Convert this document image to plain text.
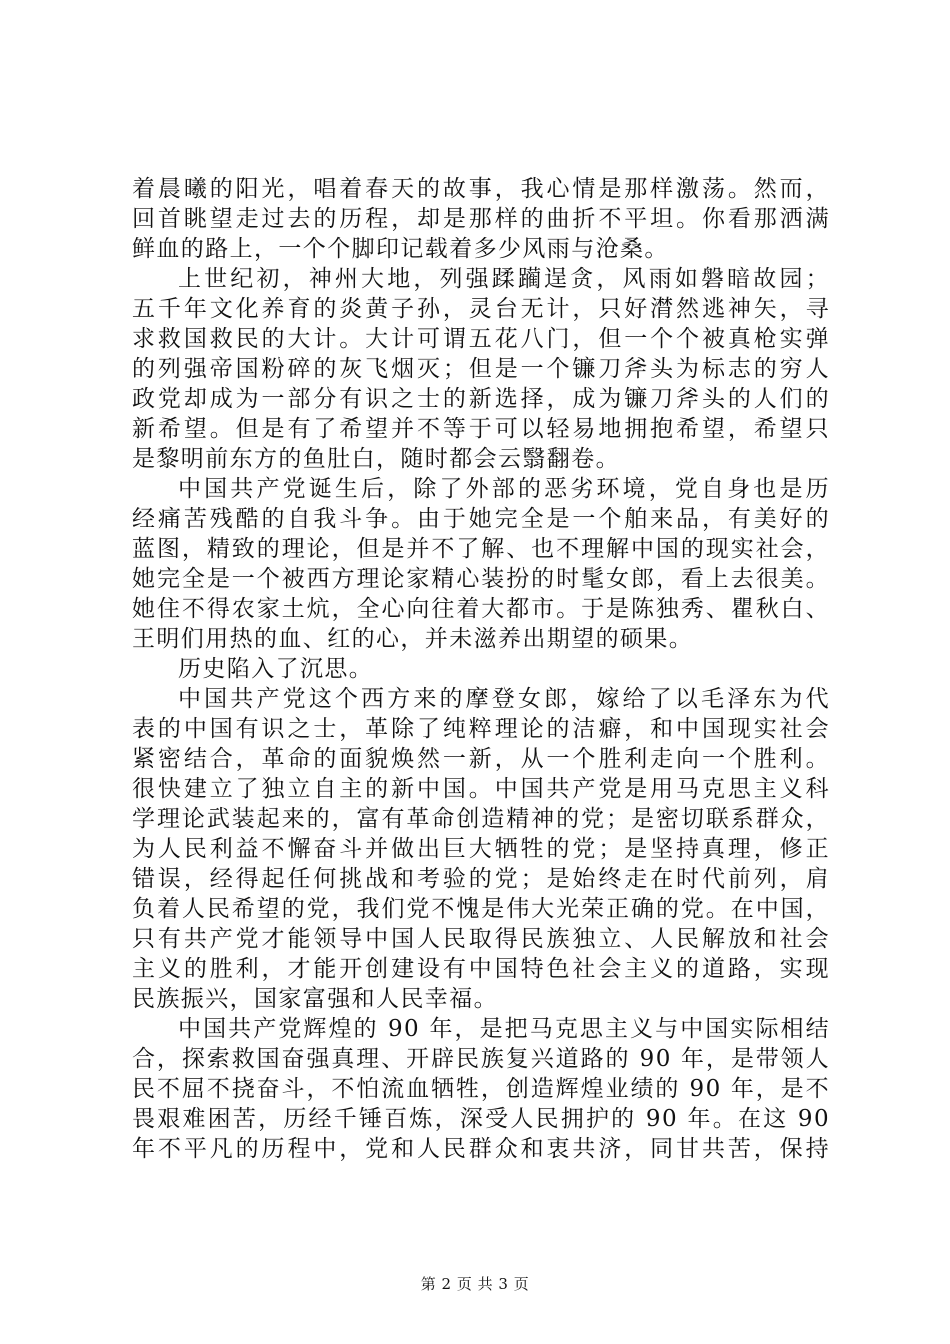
着晨曦的阳光，唱着春天的故事，我心情是那样激荡。然而，
回首眺望走过去的历程，却是那样的曲折不平坦。你看那洒满
鲜血的路上，一个个脚印记载着多少风雨与沧桑。
上世纪初，神州大地，列强蹂躏逞贪，风雨如磐暗故园；
五千年文化养育的炎黄子孙，灵台无计，只好潸然逃神矢，寻
求救国救民的大计。大计可谓五花八门，但一个个被真枪实弹
的列强帝国粉碎的灰飞烟灭；但是一个镰刀斧头为标志的穷人
政党却成为一部分有识之士的新选择，成为镰刀斧头的人们的
新希望。但是有了希望并不等于可以轻易地拥抱希望，希望只
是黎明前东方的鱼肚白，随时都会云翳翻卷。
中国共产党诞生后，除了外部的恶劣环境，党自身也是历
经痛苦残酷的自我斗争。由于她完全是一个舶来品，有美好的
蓝图，精致的理论，但是并不了解、也不理解中国的现实社会，
她完全是一个被西方理论家精心装扮的时髦女郎，看上去很美。
她住不得农家土炕，全心向往着大都市。于是陈独秀、瞿秋白、
王明们用热的血、红的心，并未滋养出期望的硕果。
历史陷入了沉思。
中国共产党这个西方来的摩登女郎，嫁给了以毛泽东为代
表的中国有识之士，革除了纯粹理论的洁癖，和中国现实社会
紧密结合，革命的面貌焕然一新，从一个胜利走向一个胜利。
很快建立了独立自主的新中国。中国共产党是用马克思主义科
学理论武装起来的，富有革命创造精神的党；是密切联系群众，
为人民利益不懈奋斗并做出巨大牺牲的党；是坚持真理，修正
错误，经得起任何挑战和考验的党；是始终走在时代前列，肩
负着人民希望的党，我们党不愧是伟大光荣正确的党。在中国，
只有共产党才能领导中国人民取得民族独立、人民解放和社会
主义的胜利，才能开创建设有中国特色社会主义的道路，实现
民族振兴，国家富强和人民幸福。
中国共产党辉煌的 90 年，是把马克思主义与中国实际相结
合，探索救国奋强真理、开辟民族复兴道路的 90 年，是带领人
民不屈不挠奋斗，不怕流血牺牲，创造辉煌业绩的 90 年，是不
畏艰难困苦，历经千锤百炼，深受人民拥护的 90 年。在这 90
年不平凡的历程中，党和人民群众和衷共济，同甘共苦，保持
第 2 页 共 3 页
